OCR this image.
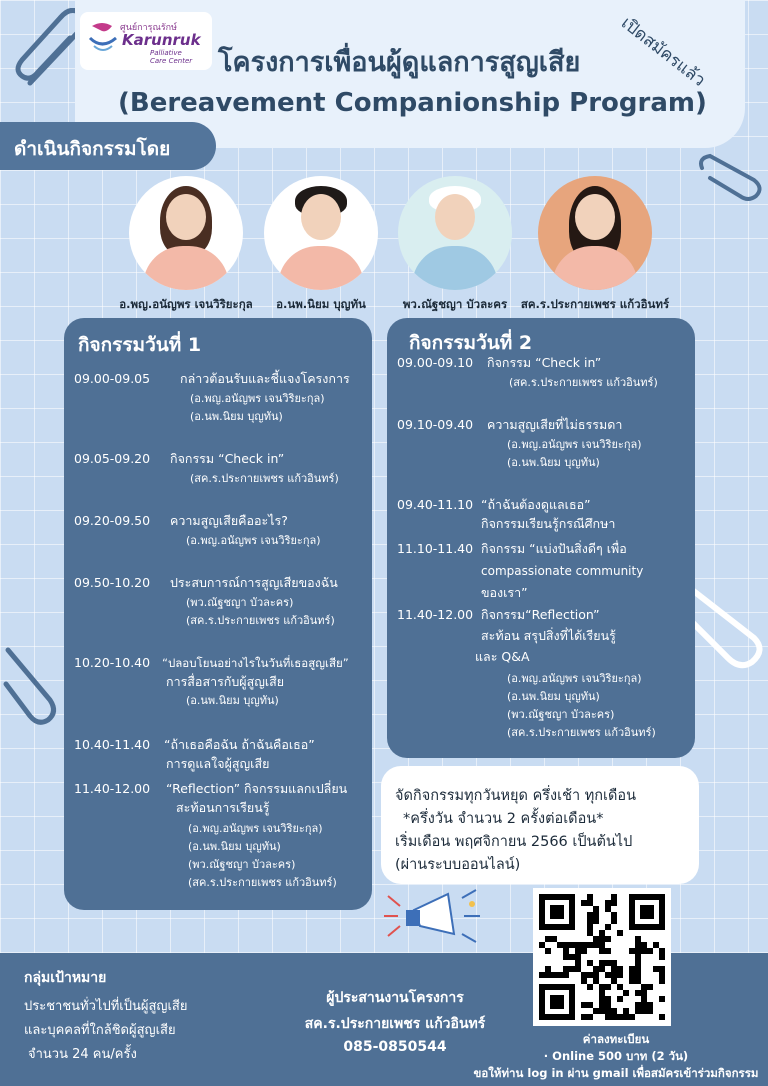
ศูนย์การุณรักษ์
Karunruk
Palliative
Care Center โครงการเพื่อนผู้ดูแลการสูญเสีย
(Bereavement Companionship Program)
เปิดสมัครแล้ว
ดำเนินกิจกรรมโดย
อ.พญ.อนัญพร เจนวิริยะกุล	อ.นพ.นิยม บุญทัน	พว.ณัฐชญา บัวละคร	สค.ร.ประกายเพชร แก้วอินทร์
กิจกรรมวันที่ 1
09.00-09.05 กล่าวต้อนรับและชี้แจงโครงการ
(อ.พญ.อนัญพร เจนวิริยะกุล)
(อ.นพ.นิยม บุญทัน)
09.05-09.20 กิจกรรม “Check in”
(สค.ร.ประกายเพชร แก้วอินทร์)
09.20-09.50 ความสูญเสียคืออะไร?
(อ.พญ.อนัญพร เจนวิริยะกุล)
09.50-10.20 ประสบการณ์การสูญเสียของฉัน
(พว.ณัฐชญา บัวละคร)
(สค.ร.ประกายเพชร แก้วอินทร์)
10.20-10.40 “ปลอบโยนอย่างไรในวันที่เธอสูญเสีย”
การสื่อสารกับผู้สูญเสีย
(อ.นพ.นิยม บุญทัน)
10.40-11.40 “ถ้าเธอคือฉัน ถ้าฉันคือเธอ”
การดูแลใจผู้สูญเสีย
11.40-12.00 “Reflection” กิจกรรมแลกเปลี่ยน
สะท้อนการเรียนรู้
(อ.พญ.อนัญพร เจนวิริยะกุล)
(อ.นพ.นิยม บุญทัน)
(พว.ณัฐชญา บัวละคร)
(สค.ร.ประกายเพชร แก้วอินทร์)
กิจกรรมวันที่ 2
09.00-09.10 กิจกรรม “Check in”
(สค.ร.ประกายเพชร แก้วอินทร์)
09.10-09.40 ความสูญเสียที่ไม่ธรรมดา
(อ.พญ.อนัญพร เจนวิริยะกุล)
(อ.นพ.นิยม บุญทัน)
09.40-11.10 “ถ้าฉันต้องดูแลเธอ”
กิจกรรมเรียนรู้กรณีศึกษา
11.10-11.40 กิจกรรม “แบ่งปันสิ่งดีๆ เพื่อ
compassionate community
ของเรา”
11.40-12.00 กิจกรรม“Reflection”
สะท้อน สรุปสิ่งที่ได้เรียนรู้
และ Q&A
(อ.พญ.อนัญพร เจนวิริยะกุล)
(อ.นพ.นิยม บุญทัน)
(พว.ณัฐชญา บัวละคร)
(สค.ร.ประกายเพชร แก้วอินทร์)
จัดกิจกรรมทุกวันหยุด ครึ่งเช้า ทุกเดือน
*ครึ่งวัน จำนวน 2 ครั้งต่อเดือน*
เริ่มเดือน พฤศจิกายน 2566 เป็นต้นไป
(ผ่านระบบออนไลน์)
กลุ่มเป้าหมาย
ประชาชนทั่วไปที่เป็นผู้สูญเสีย
และบุคคลที่ใกล้ชิดผู้สูญเสีย
จำนวน 24 คน/ครั้ง
ผู้ประสานงานโครงการ
สค.ร.ประกายเพชร แก้วอินทร์
085-0850544	ค่าลงทะเบียน
· Online 500 บาท (2 วัน)
ขอให้ท่าน log in ผ่าน gmail เพื่อสมัครเข้าร่วมกิจกรรม
